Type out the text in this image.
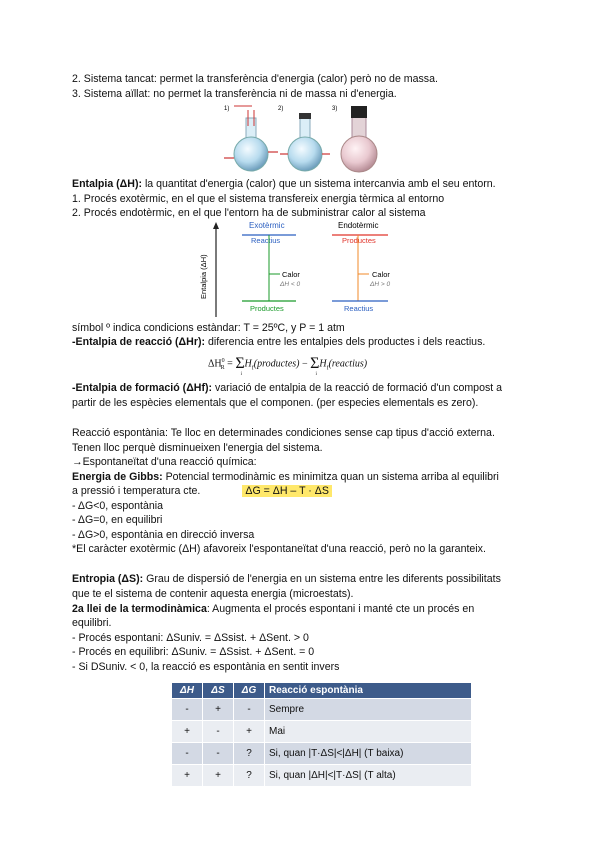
2. Sistema tancat: permet la transferència d'energia (calor) però no de massa.
3. Sistema aïllat: no permet la transferència ni de massa ni d'energia.
1)	2)	3)
Entalpia (ΔH): la quantitat d'energia (calor) que un sistema intercanvia amb el seu entorn.
1. Procés exotèrmic, en el que el sistema transfereix energia tèrmica al entorno
2. Procés endotèrmic, en el que l'entorn ha de subministrar calor al sistema
Entalpia (ΔH)
Exotèrmic
Reactius
Calor
ΔH < 0
Productes
Endotèrmic
Productes
Calor
ΔH > 0
Reactius
símbol º indica condicions estàndar: T = 25ºC, y P = 1 atm
-Entalpia de reacció (ΔHr): diferencia entre les entalpies dels productes i dels reactius.
$\Delta H^0_R = \Sigma_i$ $H_f(productes) - \Sigma_i$ $H_f(reactius)$
-Entalpia de formació (ΔHf): variació de entalpia de la reacció de formació d'un compost a
partir de les espècies elementals que el componen. (per especies elementals es zero).
Reacció espontània: Te lloc en determinades condiciones sense cap tipus d'acció externa.
Tenen lloc perquè disminueixen l'energia del sistema.
→Espontaneïtat d'una reacció química:
Energia de Gibbs: Potencial termodinàmic es minimitza quan un sistema arriba al equilibri
a pressió i temperatura cte.	ΔG = ΔH – T · ΔS
- ΔG<0, espontània
- ΔG=0, en equilibri
- ΔG>0, espontània en direcció inversa
*El caràcter exotèrmic (ΔH) afavoreix l'espontaneïtat d'una reacció, però no la garanteix.
Entropia (ΔS): Grau de dispersió de l'energia en un sistema entre les diferents possibilitats
que te el sistema de contenir aquesta energia (microestats).
2a llei de la termodinàmica: Augmenta el procés espontani i manté cte un procés en
equilibri.
- Procés espontani: ΔSuniv. = ΔSsist. + ΔSent. > 0
- Procés en equilibri: ΔSuniv. = ΔSsist. + ΔSent. = 0
- Si DSuniv. < 0, la reacció es espontània en sentit invers
ΔH	ΔS	ΔG	Reacció espontània
-	+	-	Sempre
+	-	+	Mai
-	-	?	Si, quan |T·ΔS|<|ΔH| (T baixa)
+	+	?	Si, quan |ΔH|<|T·ΔS| (T alta)
